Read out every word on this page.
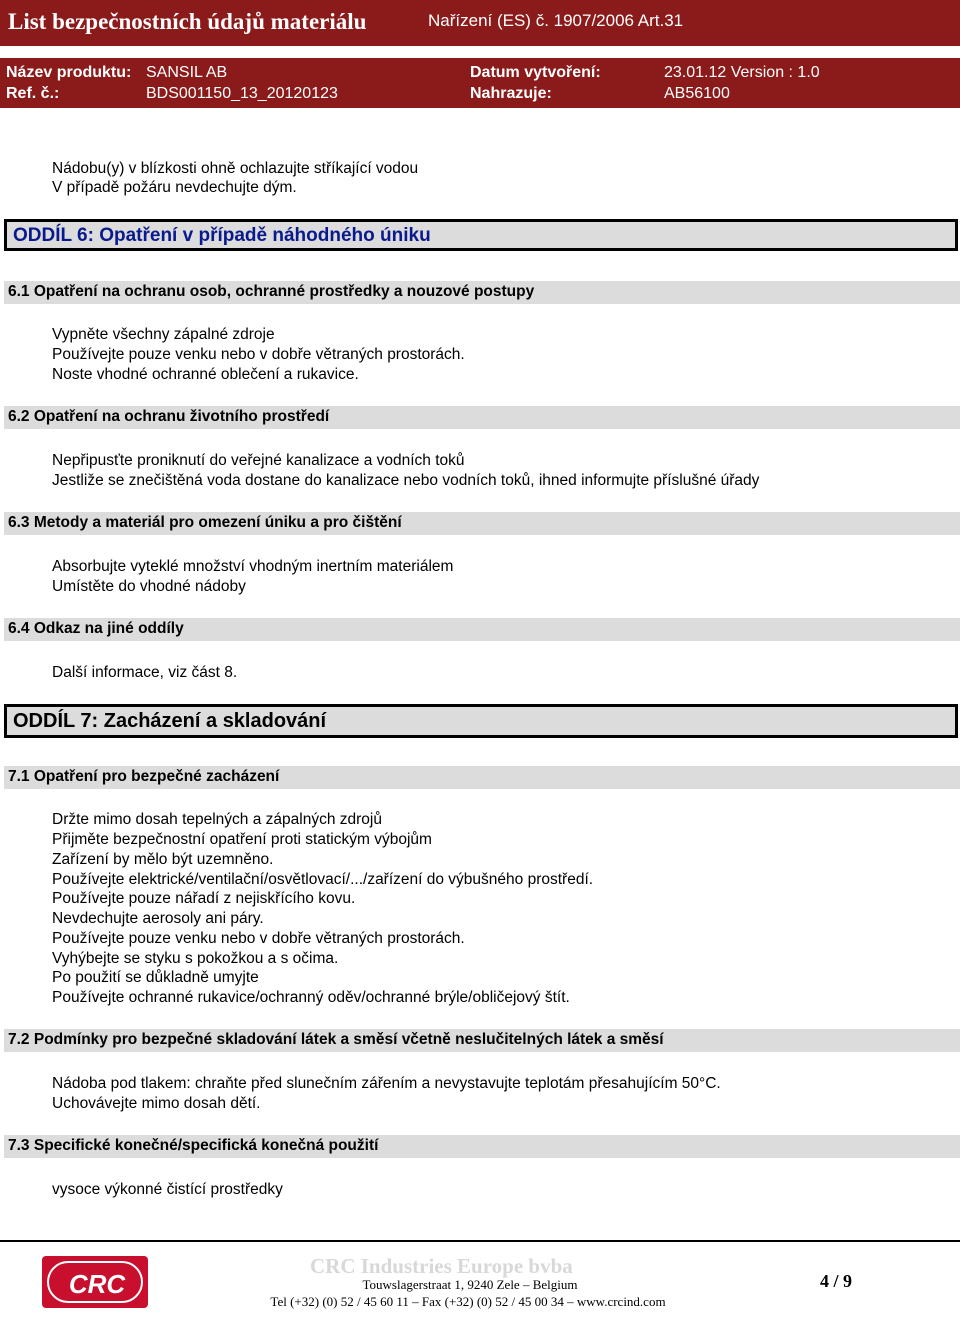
List bezpečnostních údajů materiálu	Nařízení (ES) č. 1907/2006 Art.31
Název produktu: SANSIL AB
Ref. č.:	BDS001150_13_20120123
Datum vytvoření:	23.01.12 Version : 1.0
Nahrazuje:	AB56100
Nádobu(y) v blízkosti ohně ochlazujte stříkající vodou
V případě požáru nevdechujte dým.
ODDÍL 6: Opatření v případě náhodného úniku
6.1 Opatření na ochranu osob, ochranné prostředky a nouzové postupy
Vypněte všechny zápalné zdroje
Používejte pouze venku nebo v dobře větraných prostorách.
Noste vhodné ochranné oblečení a rukavice.
6.2 Opatření na ochranu životního prostředí
Nepřipusťte proniknutí do veřejné kanalizace a vodních toků
Jestliže se znečištěná voda dostane do kanalizace nebo vodních toků, ihned informujte příslušné úřady
6.3 Metody a materiál pro omezení úniku a pro čištění
Absorbujte vyteklé množství vhodným inertním materiálem
Umístěte do vhodné nádoby
6.4 Odkaz na jiné oddíly
Další informace, viz část 8.
ODDÍL 7: Zacházení a skladování
7.1 Opatření pro bezpečné zacházení
Držte mimo dosah tepelných a zápalných zdrojů
Přijměte bezpečnostní opatření proti statickým výbojům
Zařízení by mělo být uzemněno.
Používejte elektrické/ventilační/osvětlovací/.../zařízení do výbušného prostředí.
Používejte pouze nářadí z nejiskřícího kovu.
Nevdechujte aerosoly ani páry.
Používejte pouze venku nebo v dobře větraných prostorách.
Vyhýbejte se styku s pokožkou a s očima.
Po použití se důkladně umyjte
Používejte ochranné rukavice/ochranný oděv/ochranné brýle/obličejový štít.
7.2 Podmínky pro bezpečné skladování látek a směsí včetně neslučitelných látek a směsí
Nádoba pod tlakem: chraňte před slunečním zářením a nevystavujte teplotám přesahujícím 50°C.
Uchovávejte mimo dosah dětí.
7.3 Specifické konečné/specifická konečná použití
vysoce výkonné čistící prostředky
CRC
CRC Industries Europe bvba
Touwslagerstraat 1, 9240 Zele – Belgium
Tel (+32) (0) 52 / 45 60 11 – Fax (+32) (0) 52 / 45 00 34 – www.crcind.com
4 / 9
